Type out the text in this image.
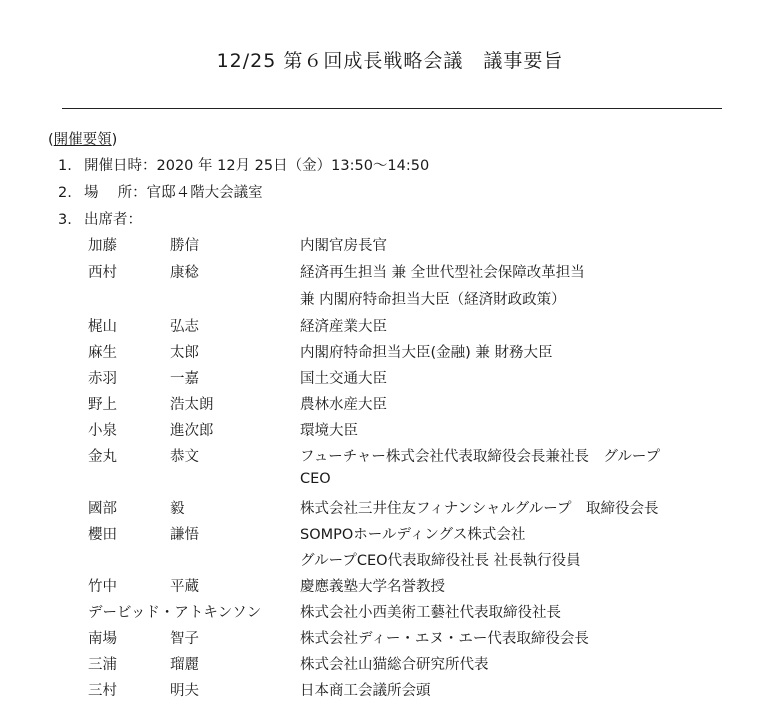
12/25 第６回成長戦略会議　議事要旨
(開催要領)
1. 開催日時：2020 年 12月 25日（金）13:50～14:50
2. 場　 所：官邸４階大会議室
3. 出席者：
加藤	勝信	内閣官房長官
西村	康稔	経済再生担当 兼 全世代型社会保障改革担当
兼 内閣府特命担当大臣（経済財政政策）
梶山	弘志	経済産業大臣
麻生	太郎	内閣府特命担当大臣(金融) 兼 財務大臣
赤羽	一嘉	国土交通大臣
野上	浩太朗	農林水産大臣
小泉	進次郎	環境大臣
金丸	恭文	フューチャー株式会社代表取締役会長兼社長　グループ
CEO
國部	毅	株式会社三井住友フィナンシャルグループ　取締役会長
櫻田	謙悟	SOMPOホールディングス株式会社
グループCEO代表取締役社長 社長執行役員
竹中	平蔵	慶應義塾大学名誉教授
デービッド・アトキンソン	株式会社小西美術工藝社代表取締役社長
南場	智子	株式会社ディー・エヌ・エー代表取締役会長
三浦	瑠麗	株式会社山猫総合研究所代表
三村	明夫	日本商工会議所会頭
